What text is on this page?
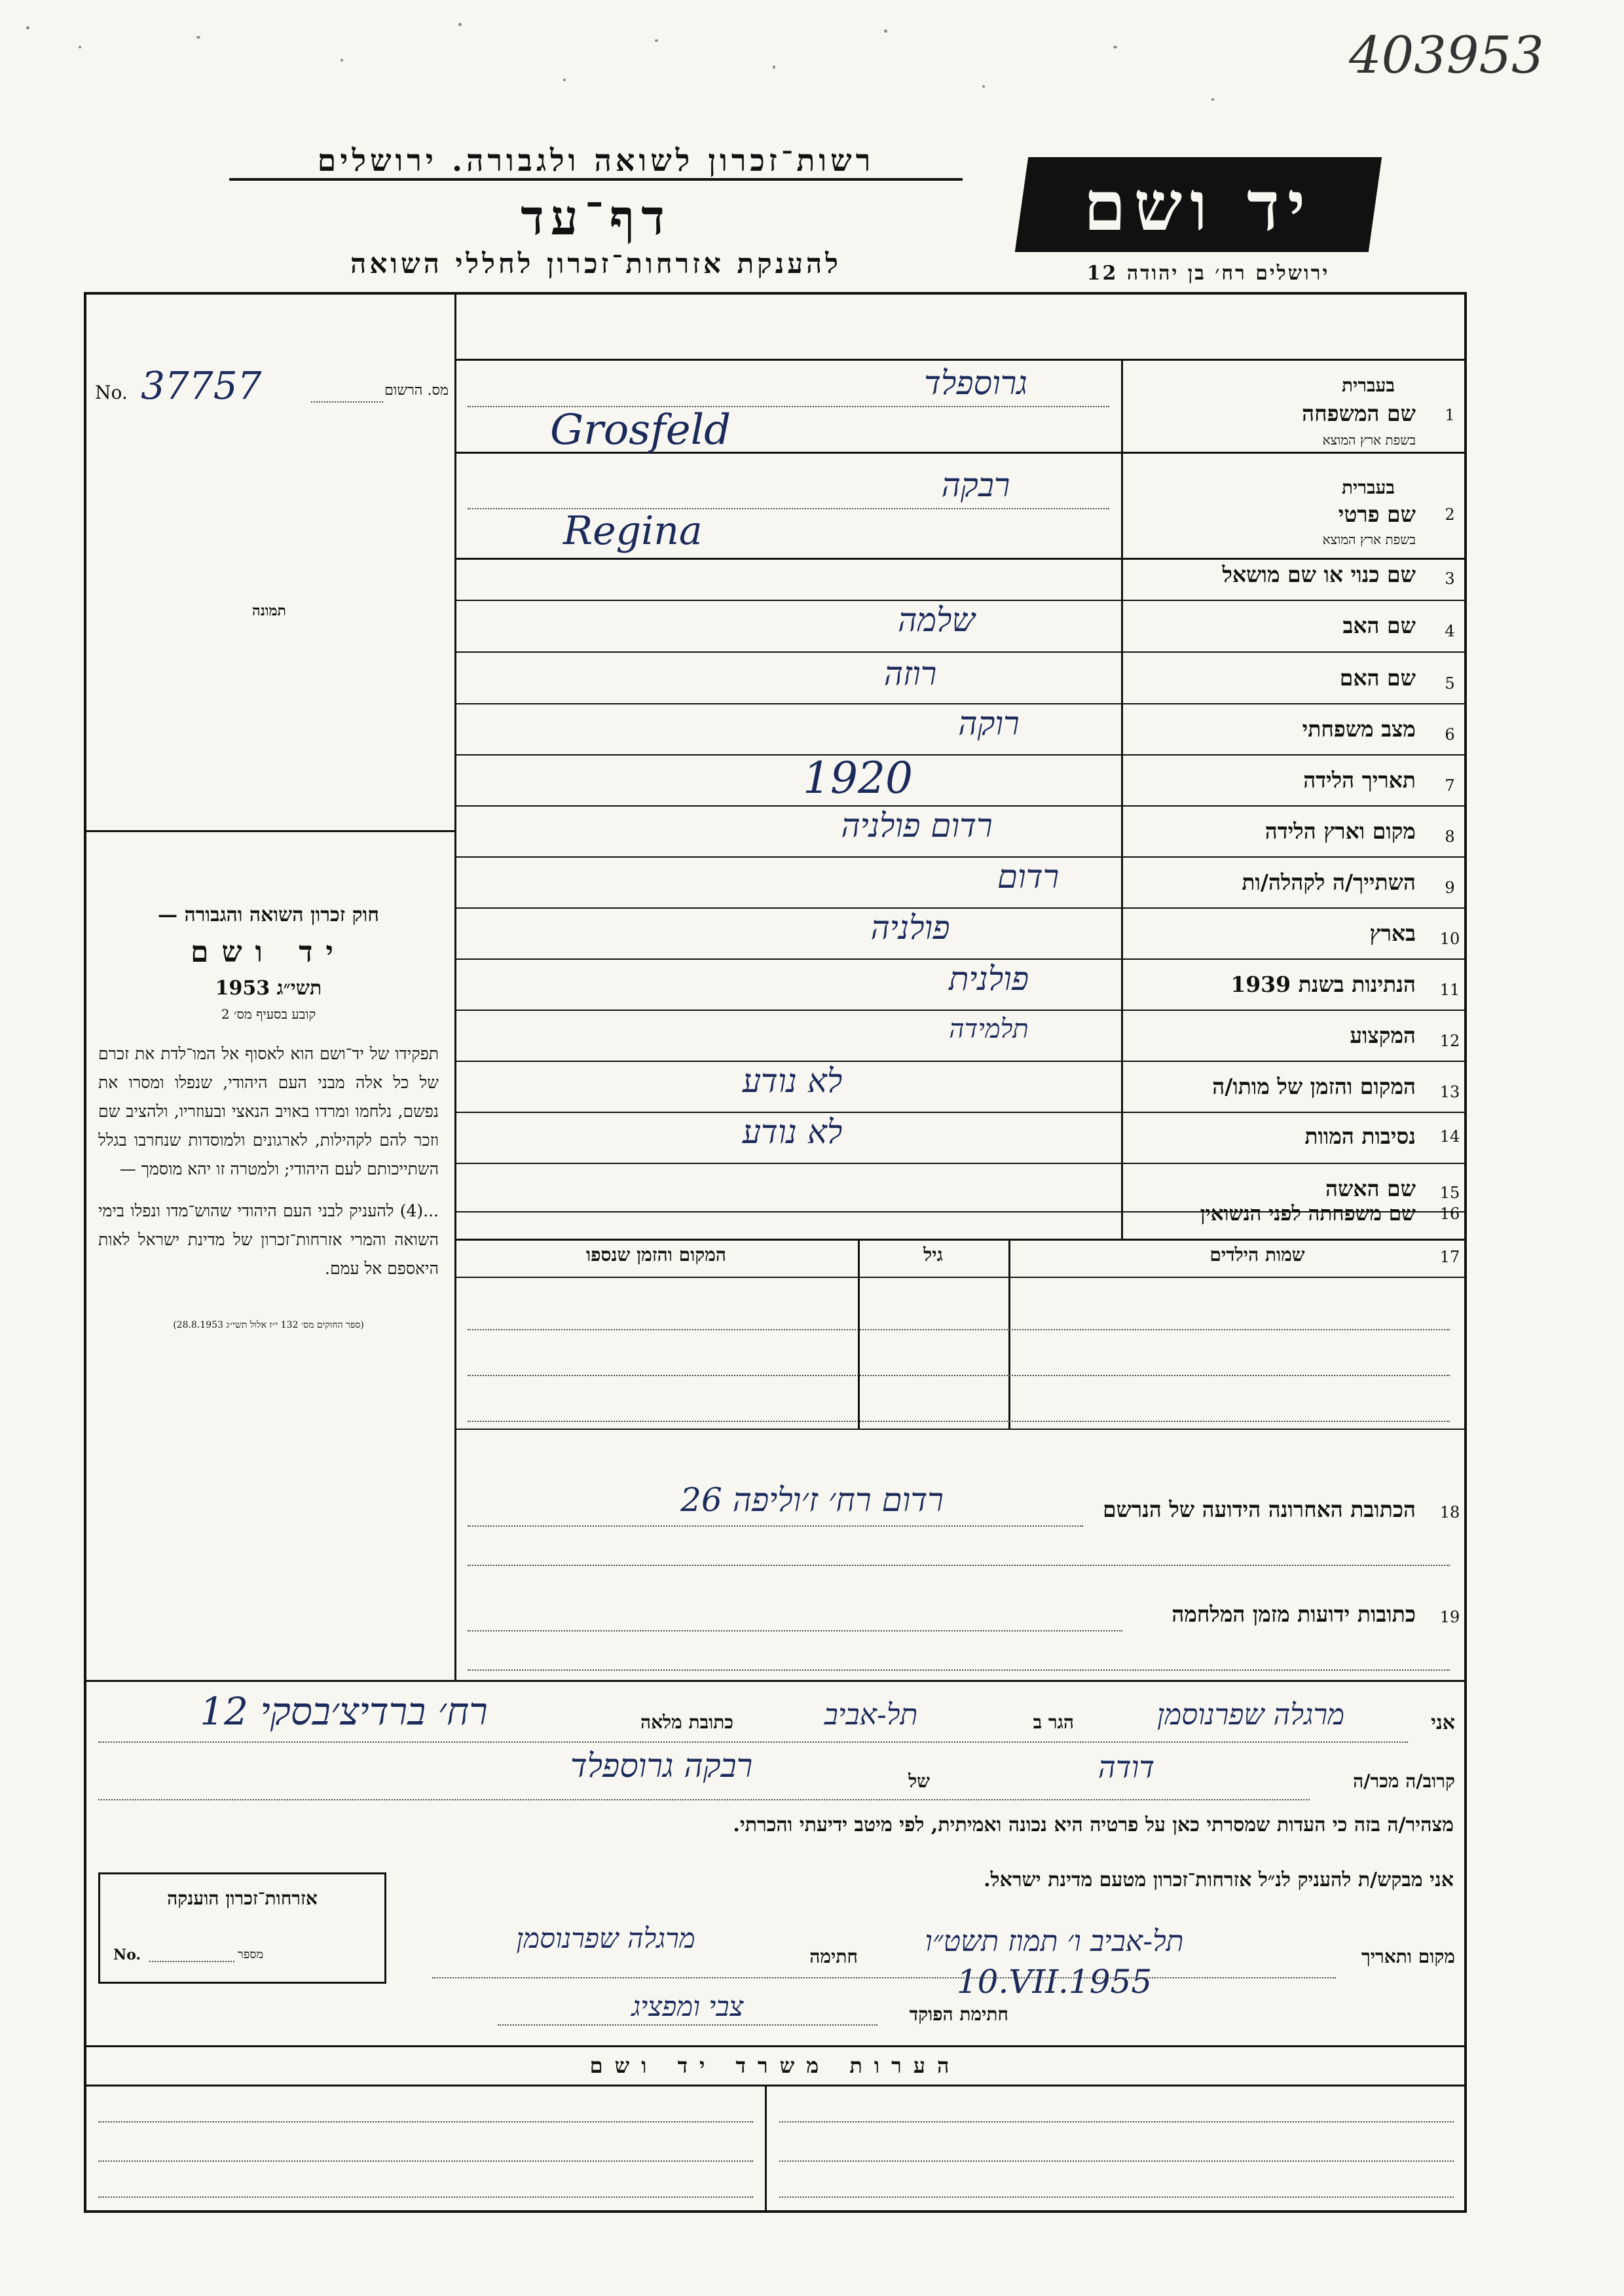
403953
רשות־זכרון לשואה ולגבורה. ירושלים
דף־עד
להענקת אזרחות־זכרון לחללי השואה
יד ושם
ירושלים רח׳ בן יהודה 12
No. 37757	מס. הרשום
תמונה
חוק זכרון השואה והגבורה —
יד ושם
תשי״ג 1953
קובע בסעיף מס׳ 2
תפקידו של יד־ושם הוא לאסוף אל המו־לדת את זכרם של כל אלה מבני העם היהודי, שנפלו ומסרו את נפשם, נלחמו ומרדו באויב הנאצי ובעוזריו, ולהציב שם וזכר להם לקהילות, לארגונים ולמוסדות שנחרבו בגלל השתייכותם לעם היהודי; ולמטרה זו יהא מוסמך —
...(4) להעניק לבני העם היהודי שהוש־מדו ונפלו בימי השואה והמרי אזרחות־זכרון של מדינת ישראל לאות היאספם אל עמם.
(ספר החוקים מס׳ 132 י״ז אלול תשי״ג 28.8.1953)
1
שם המשפחה
בעברית
בשפת ארץ המוצא
גרוספלד
Grosfeld
2
שם פרטי
בעברית
בשפת ארץ המוצא
רבקה
Regina
3
שם כנוי או שם מושאל
4
שם האב
שלמה
5
שם האם
רוזה
6
מצב משפחתי
רוקה
7
תאריך הלידה
1920
8
מקום וארץ הלידה
רדום פולניה
9
השתייך/ה לקהלה/ות
רדום
10
בארץ
פולניה
11
הנתינות בשנת 1939
פולנית
12
המקצוע
תלמידה
13
המקום והזמן של מותו/ה
לא נודע
14
נסיבות המוות
לא נודע
15
שם האשה
16
שם משפחתה לפני הנשואין
17
שמות הילדים
גיל
המקום והזמן שנספו
18
הכתובת האחרונה הידועה של הנרשם
רדום רח׳ ז׳וליפה 26
19
כתובות ידועות מזמן המלחמה
אני
מרגלה שפרנוסמן
הגר ב
תל-אביב
כתובת מלאה
רח׳ ברדיצ׳בסקי 12
קרוב/ה מכר/ה
דודה
של
רבקה גרוספלד
מצהיר/ה בזה כי העדות שמסרתי כאן על פרטיה היא נכונה ואמיתית, לפי מיטב ידיעתי והכרתי.
אני מבקש/ת להעניק לנ״ל אזרחות־זכרון מטעם מדינת ישראל.
מקום ותאריך
תל-אביב ו׳ תמוז תשט״ו
חתימה
מרגלה שפרנוסמן
10.VII.1955
חתימת הפוקד
צבי ומפציג
אזרחות־זכרון הוענקה
No.	מספר
הערות משרד יד ושם
